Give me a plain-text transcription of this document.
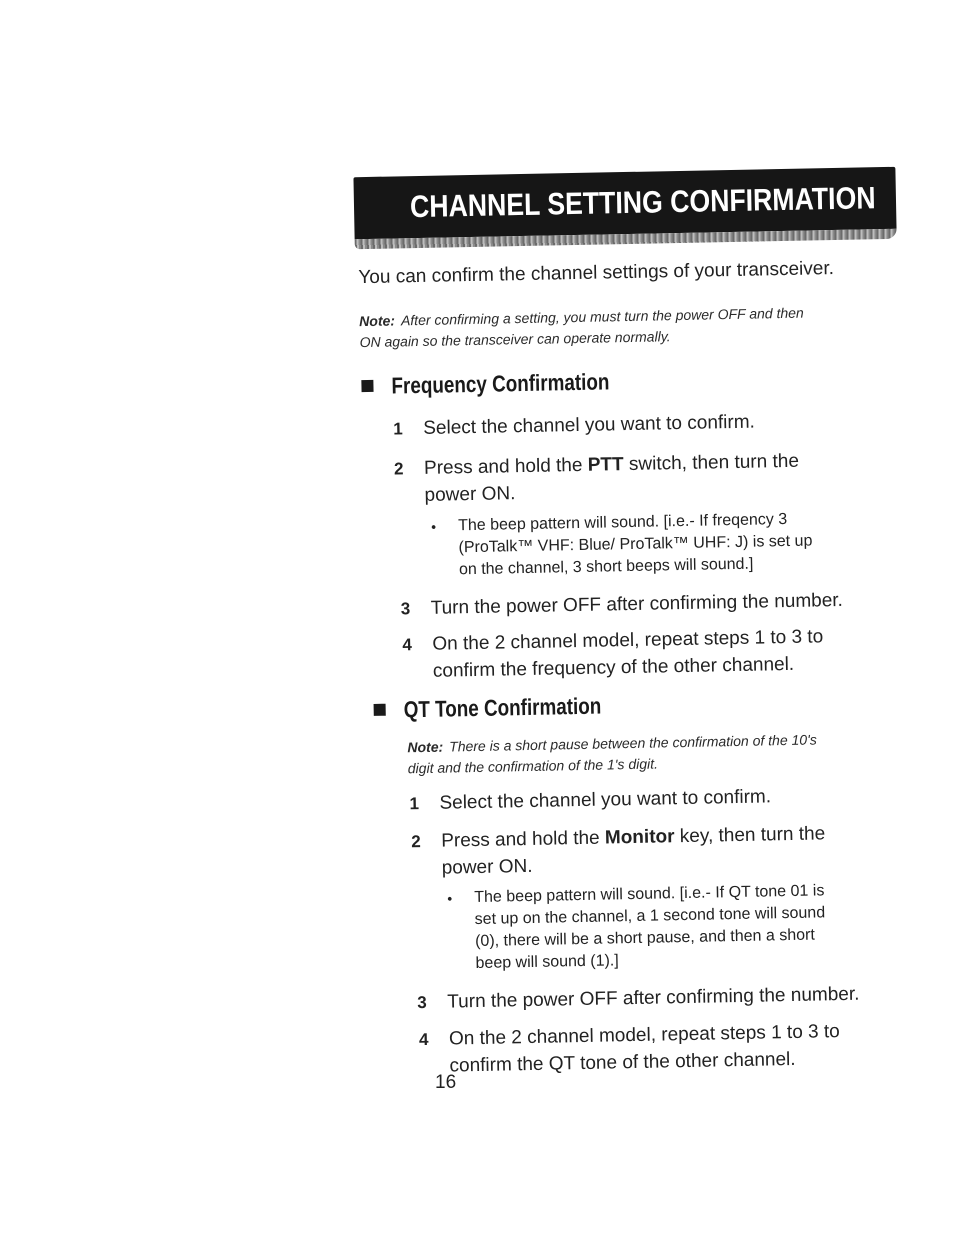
CHANNEL SETTING CONFIRMATION
You can confirm the channel settings of your transceiver.
Note: After confirming a setting, you must turn the power OFF and then
ON again so the transceiver can operate normally.
Frequency Confirmation
1 Select the channel you want to confirm.
2 Press and hold the PTT switch, then turn the
power ON.
• The beep pattern will sound. [i.e.- If freqency 3
(ProTalk™ VHF: Blue/ ProTalk™ UHF: J) is set up
on the channel, 3 short beeps will sound.]
3 Turn the power OFF after confirming the number.
4 On the 2 channel model, repeat steps 1 to 3 to
confirm the frequency of the other channel.
QT Tone Confirmation
Note: There is a short pause between the confirmation of the 10's
digit and the confirmation of the 1's digit.
1 Select the channel you want to confirm.
2 Press and hold the Monitor key, then turn the
power ON.
• The beep pattern will sound. [i.e.- If QT tone 01 is
set up on the channel, a 1 second tone will sound
(0), there will be a short pause, and then a short
beep will sound (1).]
3 Turn the power OFF after confirming the number.
4 On the 2 channel model, repeat steps 1 to 3 to
confirm the QT tone of the other channel.
16
